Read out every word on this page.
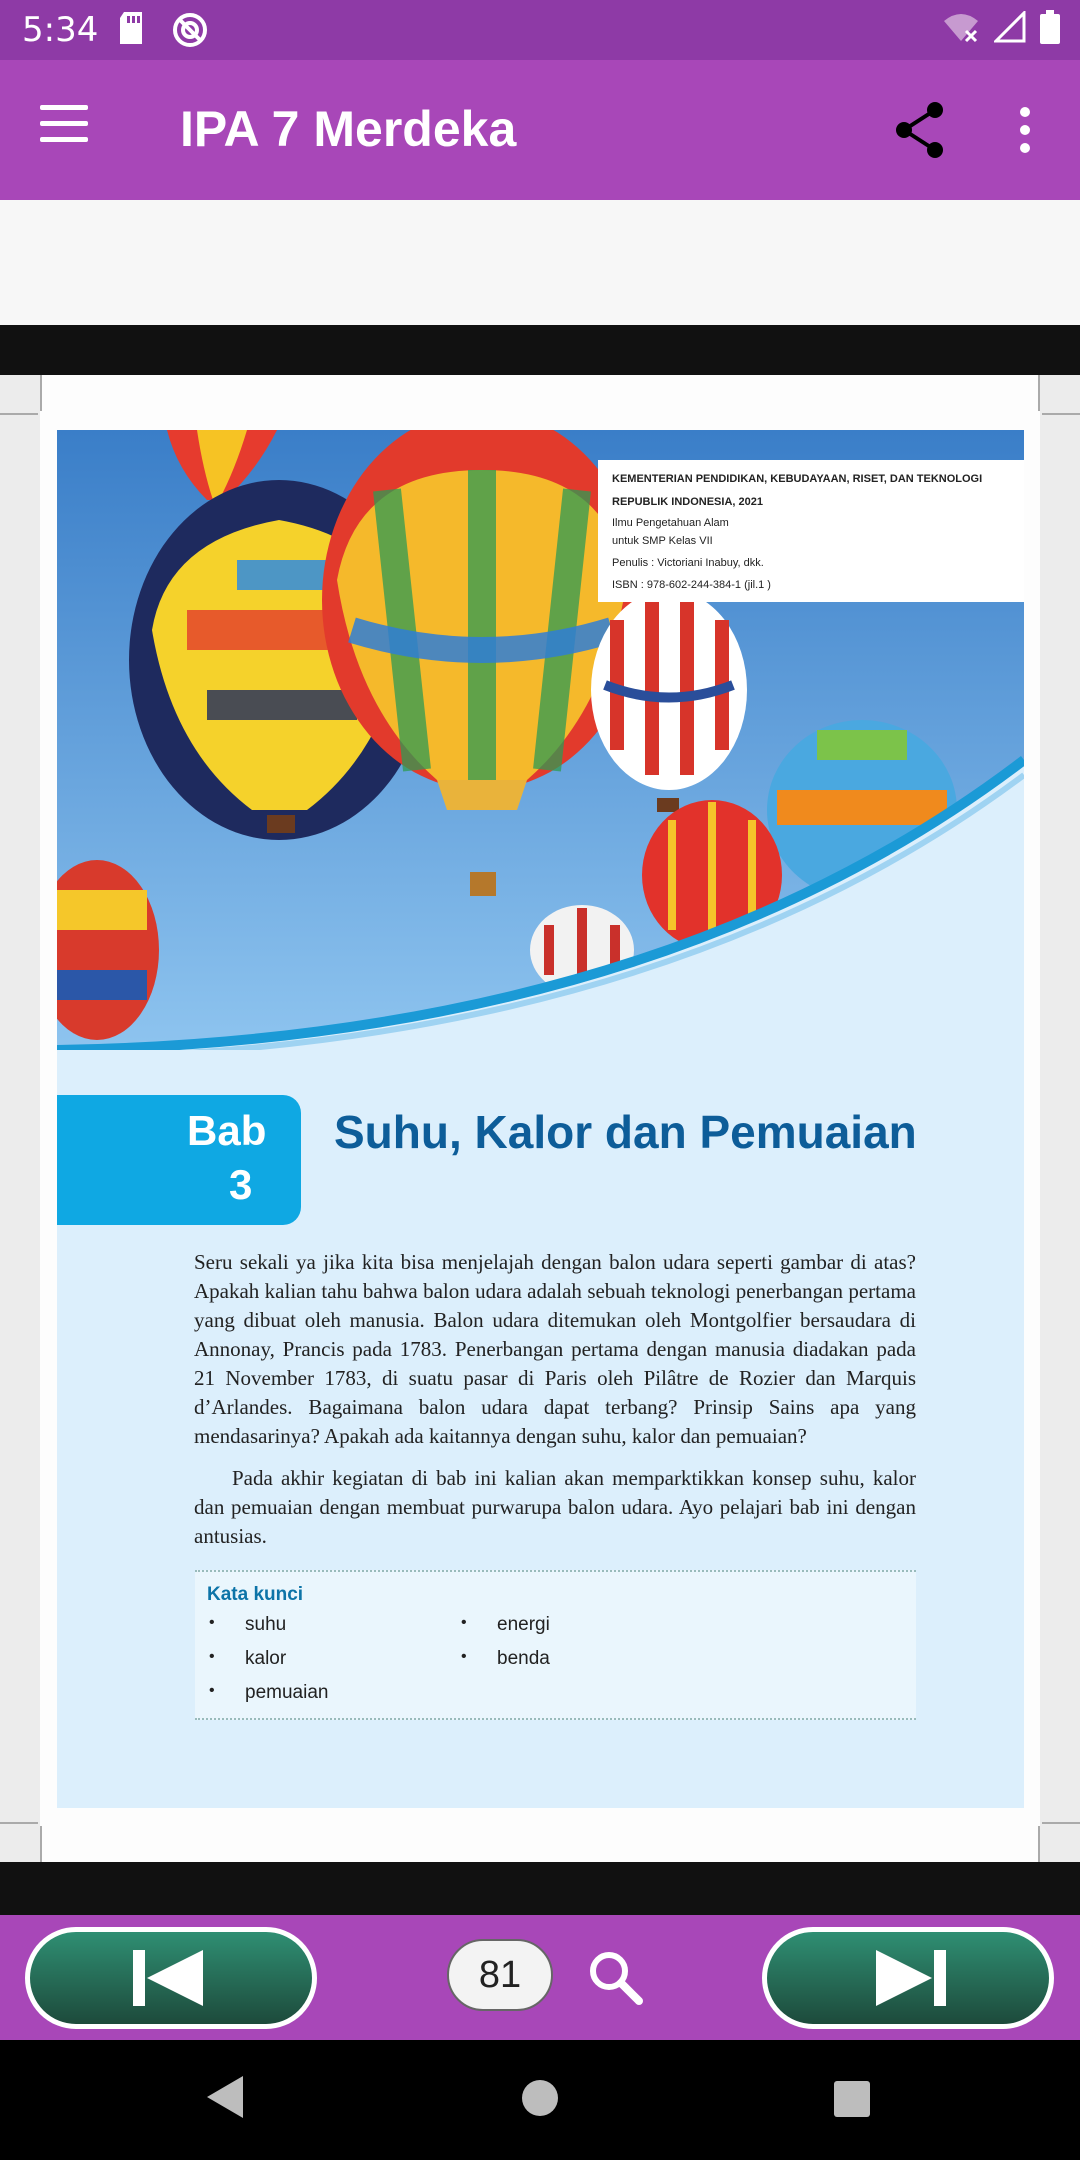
5:34
IPA 7 Merdeka
KEMENTERIAN PENDIDIKAN, KEBUDAYAAN, RISET, DAN TEKNOLOGI
REPUBLIK INDONESIA, 2021
Ilmu Pengetahuan Alam
untuk SMP Kelas VII
Penulis : Victoriani Inabuy, dkk.
ISBN : 978-602-244-384-1 (jil.1 )
Bab
3
Suhu, Kalor dan Pemuaian

Seru sekali ya jika kita bisa menjelajah dengan balon udara seperti gambar di atas? Apakah kalian tahu bahwa balon udara adalah sebuah teknologi penerbangan pertama yang dibuat oleh manusia. Balon udara ditemukan oleh Montgolfier bersaudara di Annonay, Prancis pada 1783. Penerbangan pertama dengan manusia diadakan pada 21 November 1783, di suatu pasar di Paris oleh Pilâtre de Rozier dan Marquis d’Arlandes. Bagaimana balon udara dapat terbang? Prinsip Sains apa yang mendasarinya? Apakah ada kaitannya dengan suhu, kalor dan pemuaian?

Pada akhir kegiatan di bab ini kalian akan memparktikkan konsep suhu, kalor dan pemuaian dengan membuat purwarupa balon udara. Ayo pelajari bab ini dengan antusias.

Kata kunci
• suhu
• kalor
• pemuaian
• energi
• benda
81
